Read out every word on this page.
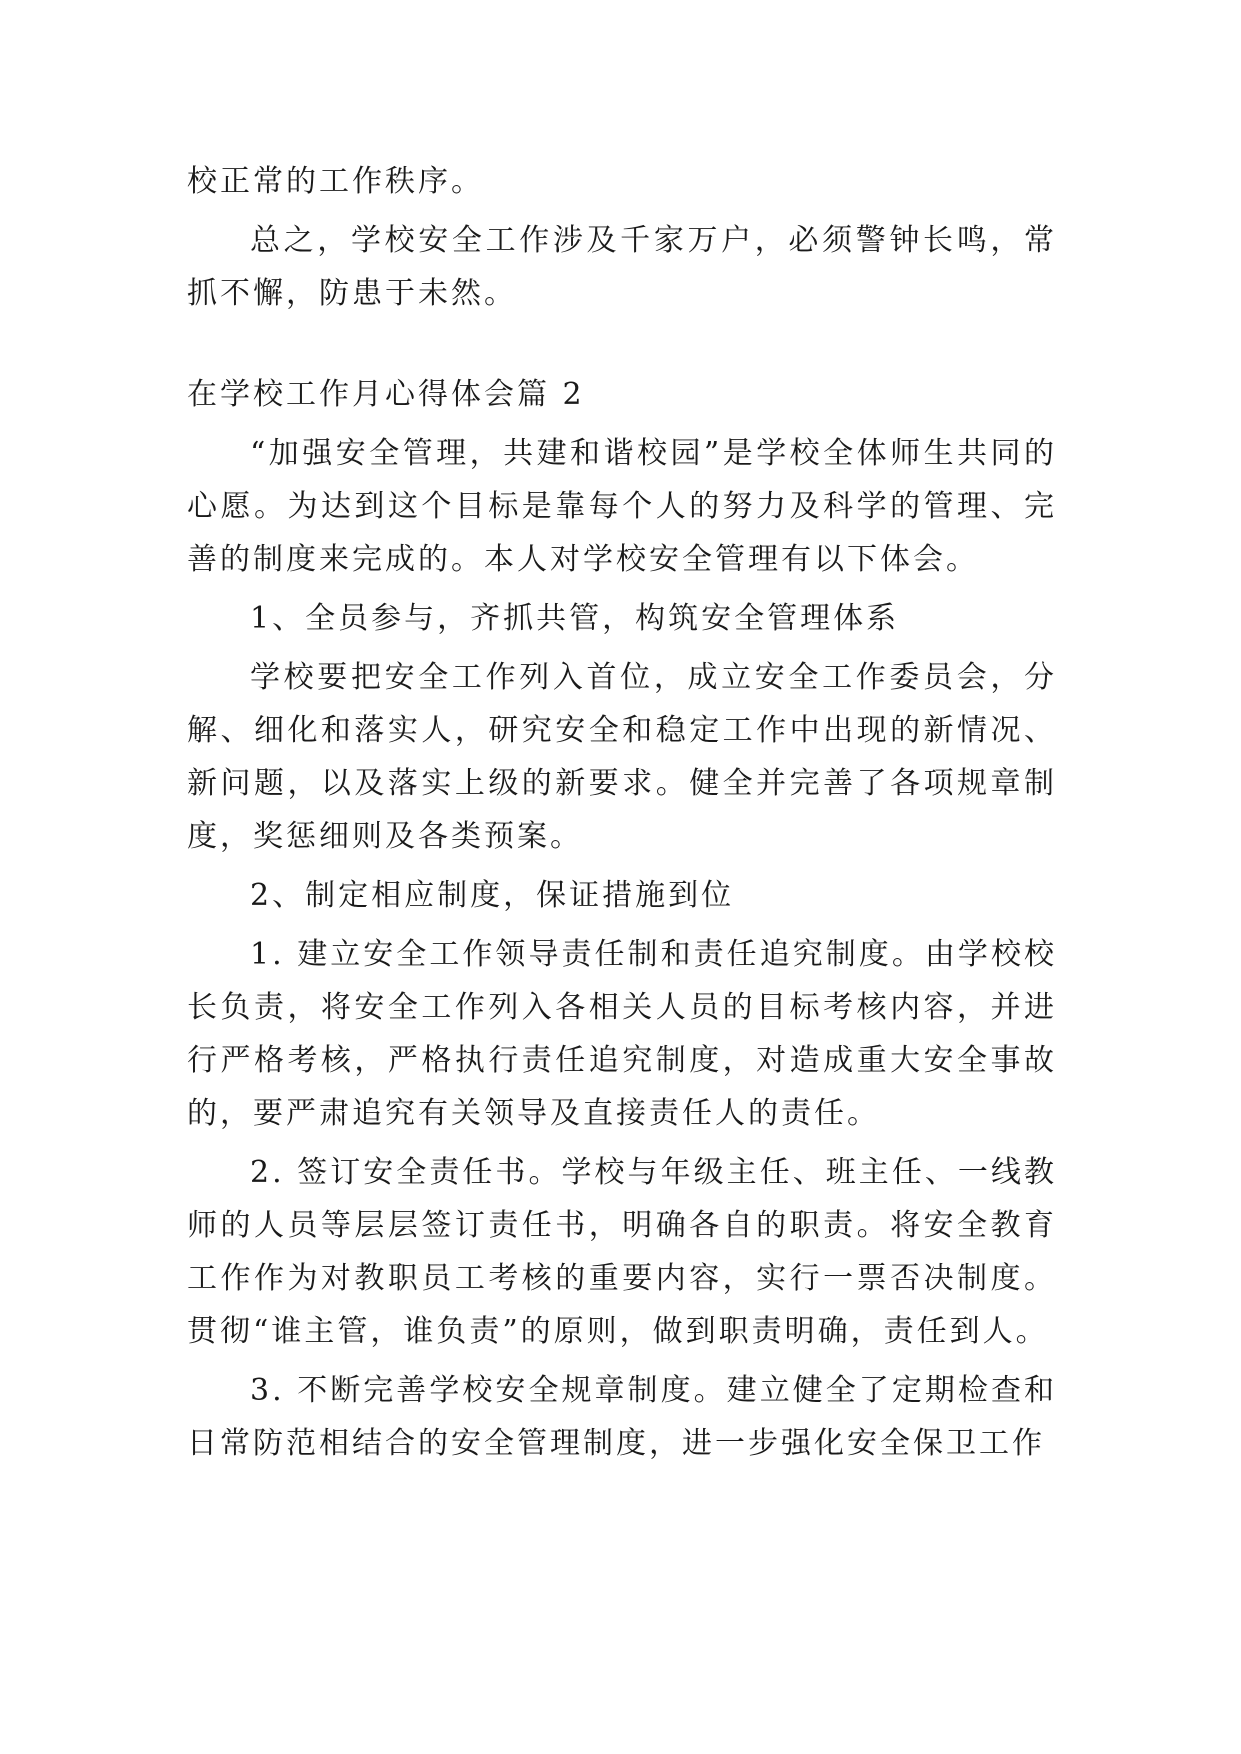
校正常的工作秩序。

总之，学校安全工作涉及千家万户，必须警钟长鸣，常抓不懈，防患于未然。

在学校工作月心得体会篇 2

“加强安全管理，共建和谐校园”是学校全体师生共同的心愿。为达到这个目标是靠每个人的努力及科学的管理、完善的制度来完成的。本人对学校安全管理有以下体会。

1、全员参与，齐抓共管，构筑安全管理体系

学校要把安全工作列入首位，成立安全工作委员会，分解、细化和落实人，研究安全和稳定工作中出现的新情况、新问题，以及落实上级的新要求。健全并完善了各项规章制度，奖惩细则及各类预案。

2、制定相应制度，保证措施到位

1. 建立安全工作领导责任制和责任追究制度。由学校校长负责，将安全工作列入各相关人员的目标考核内容，并进行严格考核，严格执行责任追究制度，对造成重大安全事故的，要严肃追究有关领导及直接责任人的责任。

2. 签订安全责任书。学校与年级主任、班主任、一线教师的人员等层层签订责任书，明确各自的职责。将安全教育工作作为对教职员工考核的重要内容，实行一票否决制度。贯彻“谁主管，谁负责”的原则，做到职责明确，责任到人。

3. 不断完善学校安全规章制度。建立健全了定期检查和日常防范相结合的安全管理制度，进一步强化安全保卫工作
